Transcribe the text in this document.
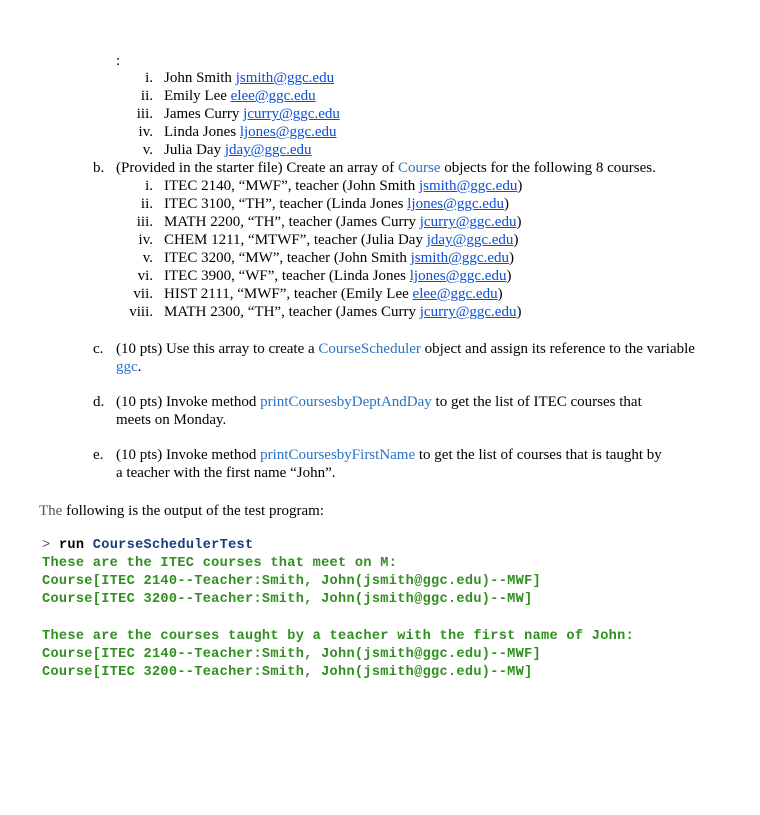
:
i. John Smith jsmith@ggc.edu
ii. Emily Lee elee@ggc.edu
iii. James Curry jcurry@ggc.edu
iv. Linda Jones ljones@ggc.edu
v. Julia Day jday@ggc.edu
b. (Provided in the starter file) Create an array of Course objects for the following 8 courses.
i. ITEC 2140, “MWF”, teacher (John Smith jsmith@ggc.edu)
ii. ITEC 3100, “TH”, teacher (Linda Jones ljones@ggc.edu)
iii. MATH 2200, “TH”, teacher (James Curry jcurry@ggc.edu)
iv. CHEM 1211, “MTWF”, teacher (Julia Day jday@ggc.edu)
v. ITEC 3200, “MW”, teacher (John Smith jsmith@ggc.edu)
vi. ITEC 3900, “WF”, teacher (Linda Jones ljones@ggc.edu)
vii. HIST 2111, “MWF”, teacher (Emily Lee elee@ggc.edu)
viii. MATH 2300, “TH”, teacher (James Curry jcurry@ggc.edu)
c. (10 pts) Use this array to create a CourseScheduler object and assign its reference to the variable
ggc.
d. (10 pts) Invoke method printCoursesbyDeptAndDay to get the list of ITEC courses that
meets on Monday.
e. (10 pts) Invoke method printCoursesbyFirstName to get the list of courses that is taught by
a teacher with the first name “John”.
The following is the output of the test program:
> run CourseSchedulerTest
These are the ITEC courses that meet on M:
Course[ITEC 2140--Teacher:Smith, John(jsmith@ggc.edu)--MWF]
Course[ITEC 3200--Teacher:Smith, John(jsmith@ggc.edu)--MW]
These are the courses taught by a teacher with the first name of John:
Course[ITEC 2140--Teacher:Smith, John(jsmith@ggc.edu)--MWF]
Course[ITEC 3200--Teacher:Smith, John(jsmith@ggc.edu)--MW]
